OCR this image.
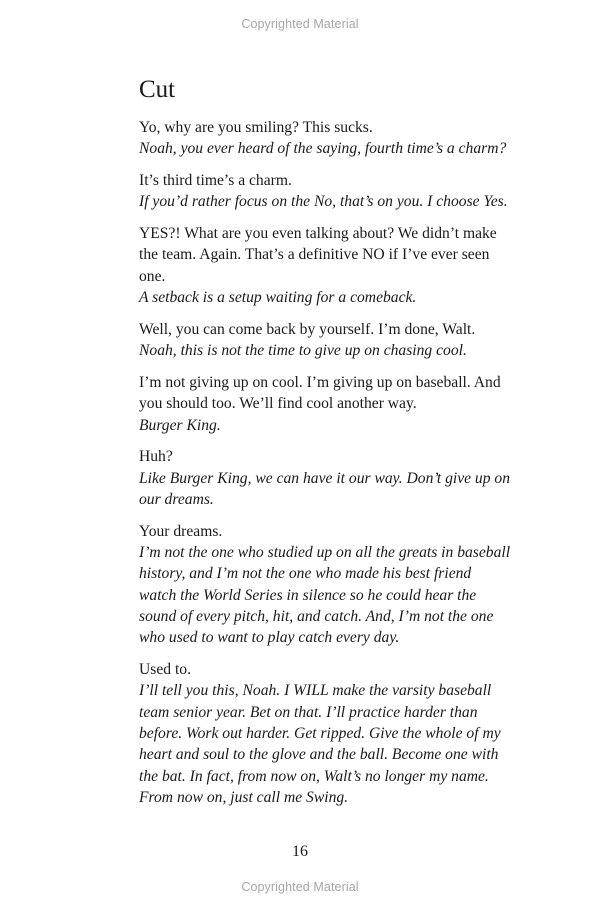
Copyrighted Material
Cut

Yo, why are you smiling? This sucks.

Noah, you ever heard of the saying, fourth time’s a charm?

It’s third time’s a charm.

If you’d rather focus on the No, that’s on you. I choose Yes.

YES?! What are you even talking about? We didn’t make the team. Again. That’s a definitive NO if I’ve ever seen one.

A setback is a setup waiting for a comeback.

Well, you can come back by yourself. I’m done, Walt.

Noah, this is not the time to give up on chasing cool.

I’m not giving up on cool. I’m giving up on baseball. And you should too. We’ll find cool another way.

Burger King.

Huh?

Like Burger King, we can have it our way. Don’t give up on our dreams.

Your dreams.

I’m not the one who studied up on all the greats in baseball history, and I’m not the one who made his best friend watch the World Series in silence so he could hear the sound of every pitch, hit, and catch. And, I’m not the one who used to want to play catch every day.

Used to.

I’ll tell you this, Noah. I WILL make the varsity baseball team senior year. Bet on that. I’ll practice harder than before. Work out harder. Get ripped. Give the whole of my heart and soul to the glove and the ball. Become one with the bat. In fact, from now on, Walt’s no longer my name. From now on, just call me Swing.

16
Copyrighted Material
